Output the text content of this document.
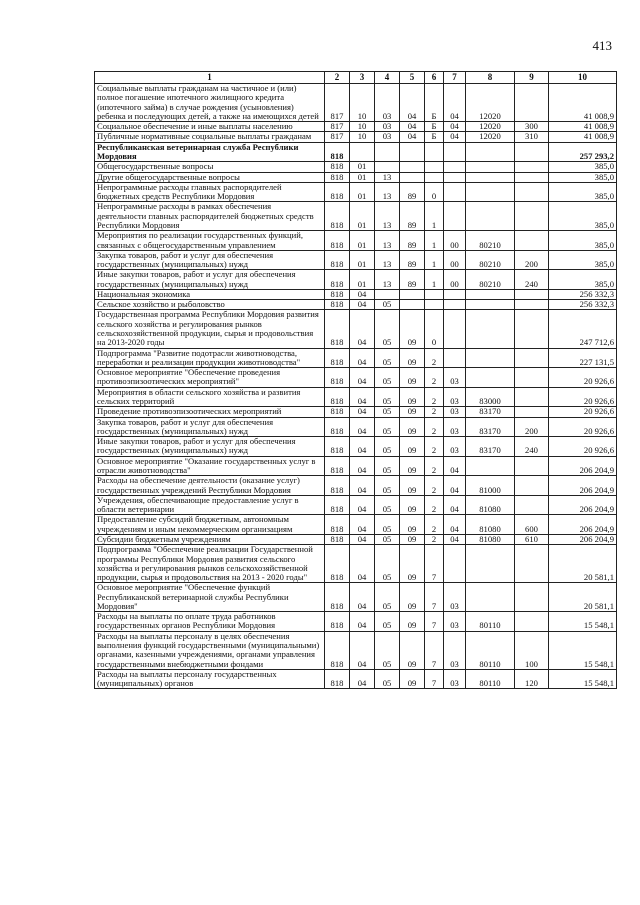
413
1	2	3	4	5	6	7	8	9	10
Социальные выплаты гражданам на частичное и (или) полное погашение ипотечного жилищного кредита (ипотечного займа) в случае рождения (усыновления) ребенка и последующих детей, а также на имеющихся детей	817	10	03	04	Б	04	12020		41 008,9
Социальное обеспечение и иные выплаты населению	817	10	03	04	Б	04	12020	300	41 008,9
Публичные нормативные социальные выплаты гражданам	817	10	03	04	Б	04	12020	310	41 008,9
Республиканская ветеринарная служба Республики Мордовия	818								257 293,2
Общегосударственные вопросы	818	01							385,0
Другие общегосударственные вопросы	818	01	13						385,0
Непрограммные расходы главных распорядителей бюджетных средств Республики Мордовия	818	01	13	89	0				385,0
Непрограммные расходы в рамках обеспечения деятельности главных распорядителей бюджетных средств Республики Мордовия	818	01	13	89	1				385,0
Мероприятия по реализации государственных функций, связанных с общегосударственным управлением	818	01	13	89	1	00	80210		385,0
Закупка товаров, работ и услуг для обеспечения государственных (муниципальных) нужд	818	01	13	89	1	00	80210	200	385,0
Иные закупки товаров, работ и услуг для обеспечения государственных (муниципальных) нужд	818	01	13	89	1	00	80210	240	385,0
Национальная экономика	818	04							256 332,3
Сельское хозяйство и рыболовство	818	04	05						256 332,3
Государственная программа Республики Мордовия развития сельского хозяйства и регулирования рынков сельскохозяйственной продукции, сырья и продовольствия на 2013-2020 годы	818	04	05	09	0				247 712,6
Подпрограмма "Развитие подотрасли животноводства, переработки и реализации продукции животноводства"	818	04	05	09	2				227 131,5
Основное мероприятие "Обеспечение проведения противоэпизоотических мероприятий"	818	04	05	09	2	03			20 926,6
Мероприятия в области сельского хозяйства и развития сельских территорий	818	04	05	09	2	03	83000		20 926,6
Проведение противоэпизоотических мероприятий	818	04	05	09	2	03	83170		20 926,6
Закупка товаров, работ и услуг для обеспечения государственных (муниципальных) нужд	818	04	05	09	2	03	83170	200	20 926,6
Иные закупки товаров, работ и услуг для обеспечения государственных (муниципальных) нужд	818	04	05	09	2	03	83170	240	20 926,6
Основное мероприятие "Оказание государственных услуг в отрасли животноводства"	818	04	05	09	2	04			206 204,9
Расходы на обеспечение деятельности (оказание услуг) государственных учреждений Республики Мордовия	818	04	05	09	2	04	81000		206 204,9
Учреждения, обеспечивающие предоставление услуг в области ветеринарии	818	04	05	09	2	04	81080		206 204,9
Предоставление субсидий бюджетным, автономным учреждениям и иным некоммерческим организациям	818	04	05	09	2	04	81080	600	206 204,9
Субсидии бюджетным учреждениям	818	04	05	09	2	04	81080	610	206 204,9
Подпрограмма "Обеспечение реализации Государственной программы Республики Мордовия развития сельского хозяйства и регулирования рынков сельскохозяйственной продукции, сырья и продовольствия на 2013 - 2020 годы"	818	04	05	09	7				20 581,1
Основное мероприятие "Обеспечение функций Республиканской ветеринарной службы Республики Мордовия"	818	04	05	09	7	03			20 581,1
Расходы на выплаты по оплате труда работников государственных органов Республики Мордовия	818	04	05	09	7	03	80110		15 548,1
Расходы на выплаты персоналу в целях обеспечения выполнения функций государственными (муниципальными) органами, казенными учреждениями, органами управления государственными внебюджетными фондами	818	04	05	09	7	03	80110	100	15 548,1
Расходы на выплаты персоналу государственных (муниципальных) органов	818	04	05	09	7	03	80110	120	15 548,1
